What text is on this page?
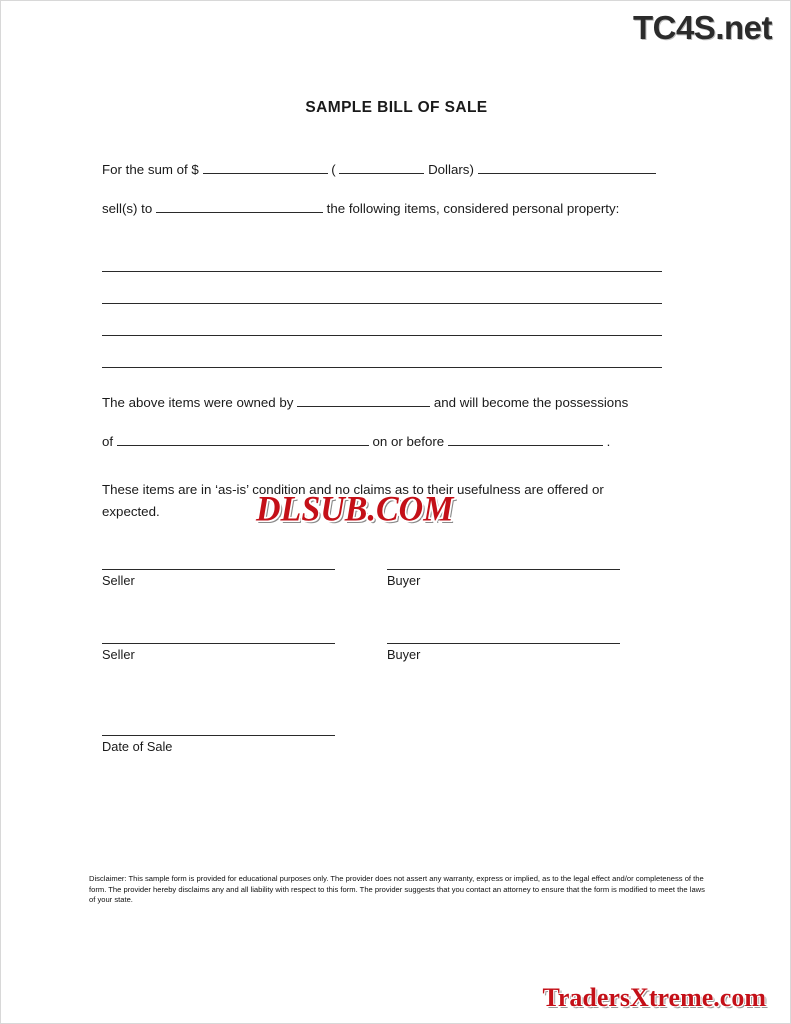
TC4S.net
SAMPLE BILL OF SALE
For the sum of $	(	Dollars)
sell(s) to	the following items, considered personal property:
The above items were owned by	and will become the possessions
of	on or before	.
These items are in ‘as-is’ condition and no claims as to their usefulness are offered or expected.
Seller	Buyer
Seller	Buyer
Date of Sale
DLSUB.COM
Disclaimer: This sample form is provided for educational purposes only. The provider does not assert any warranty, express or implied, as to the legal effect and/or completeness of the form. The provider hereby disclaims any and all liability with respect to this form. The provider suggests that you contact an attorney to ensure that the form is modified to meet the laws of your state.
TradersXtreme.com
